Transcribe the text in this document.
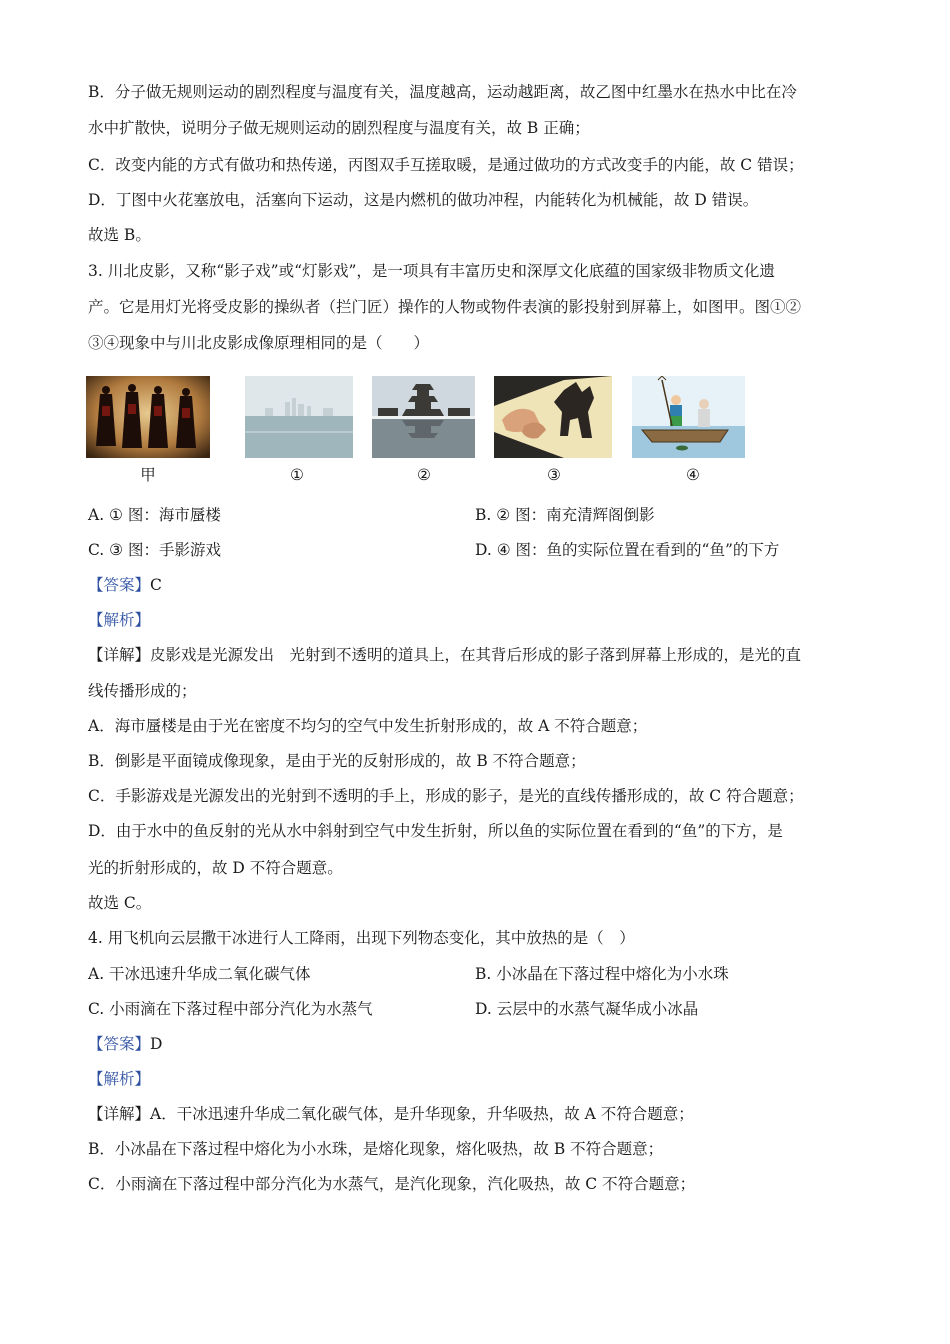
B．分子做无规则运动的剧烈程度与温度有关，温度越高，运动越距离，故乙图中红墨水在热水中比在冷
水中扩散快，说明分子做无规则运动的剧烈程度与温度有关，故 B 正确；
C．改变内能的方式有做功和热传递，丙图双手互搓取暖，是通过做功的方式改变手的内能，故 C 错误；
D．丁图中火花塞放电，活塞向下运动，这是内燃机的做功冲程，内能转化为机械能，故 D 错误。
故选 B。
3. 川北皮影，又称“影子戏”或“灯影戏”，是一项具有丰富历史和深厚文化底蕴的国家级非物质文化遗
产。它是用灯光将受皮影的操纵者（拦门匠）操作的人物或物件表演的影投射到屏幕上，如图甲。图①②
③④现象中与川北皮影成像原理相同的是（　　）
甲	①	②	③	④
A. ① 图：海市蜃楼	B. ② 图：南充清辉阁倒影
C. ③ 图：手影游戏	D. ④ 图：鱼的实际位置在看到的“鱼”的下方
【答案】C
【解析】
【详解】皮影戏是光源发出　光射到不透明的道具上，在其背后形成的影子落到屏幕上形成的，是光的直
线传播形成的；
A．海市蜃楼是由于光在密度不均匀的空气中发生折射形成的，故 A 不符合题意；
B．倒影是平面镜成像现象，是由于光的反射形成的，故 B 不符合题意；
C．手影游戏是光源发出的光射到不透明的手上，形成的影子，是光的直线传播形成的，故 C 符合题意；
D．由于水中的鱼反射的光从水中斜射到空气中发生折射，所以鱼的实际位置在看到的“鱼”的下方，是
光的折射形成的，故 D 不符合题意。
故选 C。
4. 用飞机向云层撒干冰进行人工降雨，出现下列物态变化，其中放热的是（　）
A. 干冰迅速升华成二氧化碳气体	B. 小冰晶在下落过程中熔化为小水珠
C. 小雨滴在下落过程中部分汽化为水蒸气	D. 云层中的水蒸气凝华成小冰晶
【答案】D
【解析】
【详解】A．干冰迅速升华成二氧化碳气体，是升华现象，升华吸热，故 A 不符合题意；
B．小冰晶在下落过程中熔化为小水珠，是熔化现象，熔化吸热，故 B 不符合题意；
C．小雨滴在下落过程中部分汽化为水蒸气，是汽化现象，汽化吸热，故 C 不符合题意；
